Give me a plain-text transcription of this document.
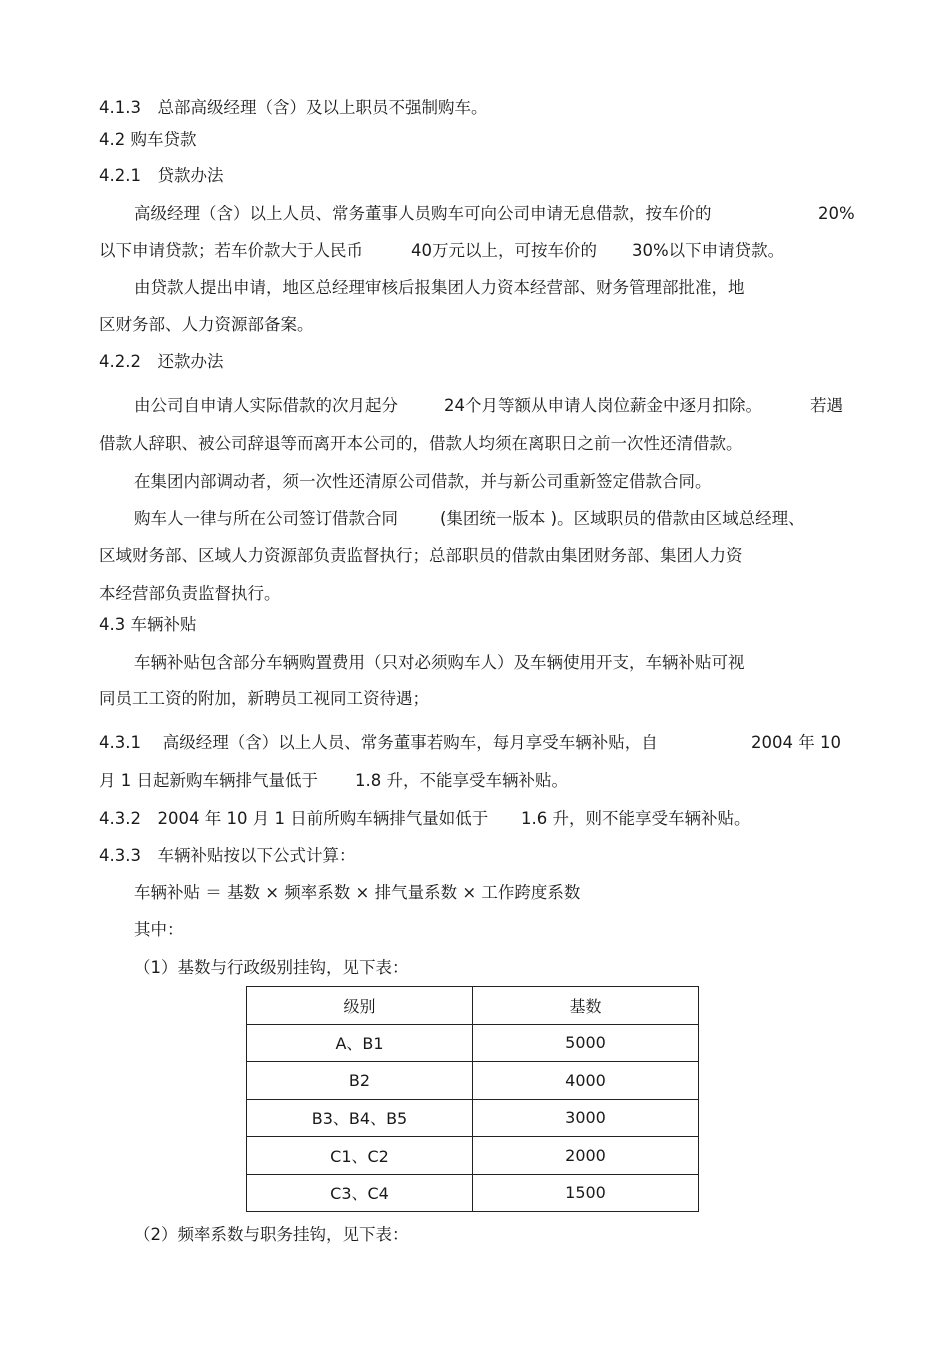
4.1.3　总部高级经理（含）及以上职员不强制购车。
4.2 购车贷款
4.2.1　贷款办法
高级经理（含）以上人员、常务董事人员购车可向公司申请无息借款，按车价的	20%
以下申请贷款；若车价款大于人民币	40万元以上，可按车价的 30%以下申请贷款。
由贷款人提出申请，地区总经理审核后报集团人力资本经营部、财务管理部批准，地
区财务部、人力资源部备案。
4.2.2　还款办法
由公司自申请人实际借款的次月起分	24个月等额从申请人岗位薪金中逐月扣除。	若遇
借款人辞职、被公司辞退等而离开本公司的，借款人均须在离职日之前一次性还清借款。
在集团内部调动者，须一次性还清原公司借款，并与新公司重新签定借款合同。
购车人一律与所在公司签订借款合同	(集团统一版本 )。区域职员的借款由区域总经理、
区域财务部、区域人力资源部负责监督执行；总部职员的借款由集团财务部、集团人力资
本经营部负责监督执行。
4.3 车辆补贴
车辆补贴包含部分车辆购置费用（只对必须购车人）及车辆使用开支，车辆补贴可视
同员工工资的附加，新聘员工视同工资待遇；
4.3.1　 高级经理（含）以上人员、常务董事若购车，每月享受车辆补贴，自	2004 年 10
月 1 日起新购车辆排气量低于 1.8 升，不能享受车辆补贴。
4.3.2　2004 年 10 月 1 日前所购车辆排气量如低于 1.6 升，则不能享受车辆补贴。
4.3.3　车辆补贴按以下公式计算：
车辆补贴 ＝ 基数 × 频率系数 × 排气量系数 × 工作跨度系数
其中：
（1）基数与行政级别挂钩，见下表：
级别	基数
A、B1	5000
B2	4000
B3、B4、B5	3000
C1、C2	2000
C3、C4	1500
（2）频率系数与职务挂钩，见下表：
